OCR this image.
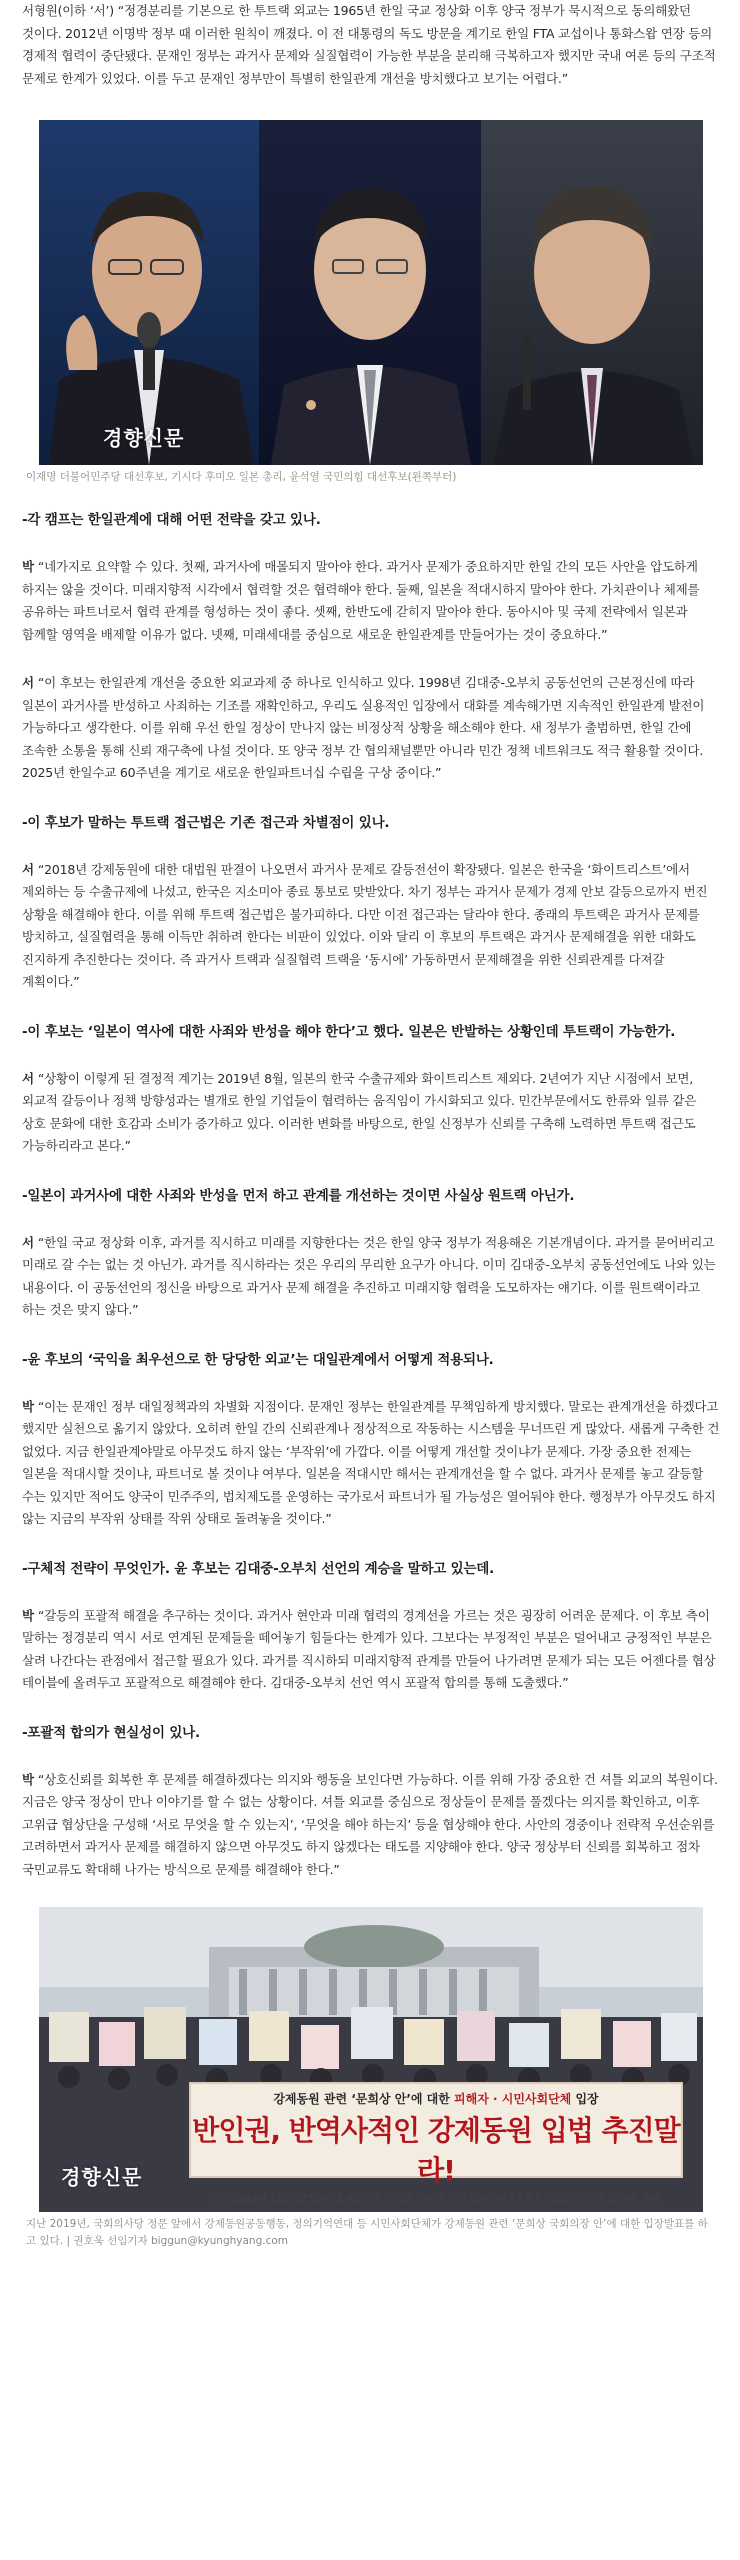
서형원(이하 ‘서’) “정경분리를 기본으로 한 투트랙 외교는 1965년 한일 국교 정상화 이후 양국 정부가 묵시적으로 동의해왔던 것이다. 2012년 이명박 정부 때 이러한 원칙이 깨졌다. 이 전 대통령의 독도 방문을 계기로 한일 FTA 교섭이나 통화스왑 연장 등의 경제적 협력이 중단됐다. 문재인 정부는 과거사 문제와 실질협력이 가능한 부분을 분리해 극복하고자 했지만 국내 여론 등의 구조적 문제로 한계가 있었다. 이를 두고 문재인 정부만이 특별히 한일관계 개선을 방치했다고 보기는 어렵다.”

경향신문
이재명 더불어민주당 대선후보, 기시다 후미오 일본 총리, 윤석열 국민의힘 대선후보(왼쪽부터)

-각 캠프는 한일관계에 대해 어떤 전략을 갖고 있나.

박 “네가지로 요약할 수 있다. 첫째, 과거사에 매몰되지 말아야 한다. 과거사 문제가 중요하지만 한일 간의 모든 사안을 압도하게 하지는 않을 것이다. 미래지향적 시각에서 협력할 것은 협력해야 한다. 둘째, 일본을 적대시하지 말아야 한다. 가치관이나 체제를 공유하는 파트너로서 협력 관계를 형성하는 것이 좋다. 셋째, 한반도에 갇히지 말아야 한다. 동아시아 및 국제 전략에서 일본과 함께할 영역을 배제할 이유가 없다. 넷째, 미래세대를 중심으로 새로운 한일관계를 만들어가는 것이 중요하다.”

서 “이 후보는 한일관계 개선을 중요한 외교과제 중 하나로 인식하고 있다. 1998년 김대중-오부치 공동선언의 근본정신에 따라 일본이 과거사를 반성하고 사죄하는 기조를 재확인하고, 우리도 실용적인 입장에서 대화를 계속해가면 지속적인 한일관계 발전이 가능하다고 생각한다. 이를 위해 우선 한일 정상이 만나지 않는 비정상적 상황을 해소해야 한다. 새 정부가 출범하면, 한일 간에 조속한 소통을 통해 신뢰 재구축에 나설 것이다. 또 양국 정부 간 협의채널뿐만 아니라 민간 정책 네트워크도 적극 활용할 것이다. 2025년 한일수교 60주년을 계기로 새로운 한일파트너십 수립을 구상 중이다.”

-이 후보가 말하는 투트랙 접근법은 기존 접근과 차별점이 있나.

서 “2018년 강제동원에 대한 대법원 판결이 나오면서 과거사 문제로 갈등전선이 확장됐다. 일본은 한국을 ‘화이트리스트’에서 제외하는 등 수출규제에 나섰고, 한국은 지소미아 종료 통보로 맞받았다. 차기 정부는 과거사 문제가 경제 안보 갈등으로까지 번진 상황을 해결해야 한다. 이를 위해 투트랙 접근법은 불가피하다. 다만 이전 접근과는 달라야 한다. 종래의 투트랙은 과거사 문제를 방치하고, 실질협력을 통해 이득만 취하려 한다는 비판이 있었다. 이와 달리 이 후보의 투트랙은 과거사 문제해결을 위한 대화도 진지하게 추진한다는 것이다. 즉 과거사 트랙과 실질협력 트랙을 ‘동시에’ 가동하면서 문제해결을 위한 신뢰관계를 다져갈 계획이다.”

-이 후보는 ‘일본이 역사에 대한 사죄와 반성을 해야 한다’고 했다. 일본은 반발하는 상황인데 투트랙이 가능한가.

서 “상황이 이렇게 된 결정적 계기는 2019년 8월, 일본의 한국 수출규제와 화이트리스트 제외다. 2년여가 지난 시점에서 보면, 외교적 갈등이나 정책 방향성과는 별개로 한일 기업들이 협력하는 움직임이 가시화되고 있다. 민간부문에서도 한류와 일류 같은 상호 문화에 대한 호감과 소비가 증가하고 있다. 이러한 변화를 바탕으로, 한일 신정부가 신뢰를 구축해 노력하면 투트랙 접근도 가능하리라고 본다.”

-일본이 과거사에 대한 사죄와 반성을 먼저 하고 관계를 개선하는 것이면 사실상 원트랙 아닌가.

서 “한일 국교 정상화 이후, 과거를 직시하고 미래를 지향한다는 것은 한일 양국 정부가 적용해온 기본개념이다. 과거를 묻어버리고 미래로 갈 수는 없는 것 아닌가. 과거를 직시하라는 것은 우리의 무리한 요구가 아니다. 이미 김대중-오부치 공동선언에도 나와 있는 내용이다. 이 공동선언의 정신을 바탕으로 과거사 문제 해결을 추진하고 미래지향 협력을 도모하자는 얘기다. 이를 원트랙이라고 하는 것은 맞지 않다.”

-윤 후보의 ‘국익을 최우선으로 한 당당한 외교’는 대일관계에서 어떻게 적용되나.

박 “이는 문재인 정부 대일정책과의 차별화 지점이다. 문재인 정부는 한일관계를 무책임하게 방치했다. 말로는 관계개선을 하겠다고 했지만 실천으로 옮기지 않았다. 오히려 한일 간의 신뢰관계나 정상적으로 작동하는 시스템을 무너뜨린 게 많았다. 새롭게 구축한 건 없었다. 지금 한일관계야말로 아무것도 하지 않는 ‘부작위’에 가깝다. 이를 어떻게 개선할 것이냐가 문제다. 가장 중요한 전제는 일본을 적대시할 것이냐, 파트너로 볼 것이냐 여부다. 일본을 적대시만 해서는 관계개선을 할 수 없다. 과거사 문제를 놓고 갈등할 수는 있지만 적어도 양국이 민주주의, 법치제도를 운영하는 국가로서 파트너가 될 가능성은 열어둬야 한다. 행정부가 아무것도 하지 않는 지금의 부작위 상태를 작위 상태로 돌려놓을 것이다.”

-구체적 전략이 무엇인가. 윤 후보는 김대중-오부치 선언의 계승을 말하고 있는데.

박 “갈등의 포괄적 해결을 추구하는 것이다. 과거사 현안과 미래 협력의 경계선을 가르는 것은 굉장히 어려운 문제다. 이 후보 측이 말하는 정경분리 역시 서로 연계된 문제들을 떼어놓기 힘들다는 한계가 있다. 그보다는 부정적인 부분은 덜어내고 긍정적인 부분은 살려 나간다는 관점에서 접근할 필요가 있다. 과거를 직시하되 미래지향적 관계를 만들어 나가려면 문제가 되는 모든 어젠다를 협상 테이블에 올려두고 포괄적으로 해결해야 한다. 김대중-오부치 선언 역시 포괄적 합의를 통해 도출했다.”

-포괄적 합의가 현실성이 있나.

박 “상호신뢰를 회복한 후 문제를 해결하겠다는 의지와 행동을 보인다면 가능하다. 이를 위해 가장 중요한 건 셔틀 외교의 복원이다. 지금은 양국 정상이 만나 이야기를 할 수 없는 상황이다. 셔틀 외교를 중심으로 정상들이 문제를 풀겠다는 의지를 확인하고, 이후 고위급 협상단을 구성해 ‘서로 무엇을 할 수 있는지’, ‘무엇을 해야 하는지’ 등을 협상해야 한다. 사안의 경중이나 전략적 우선순위를 고려하면서 과거사 문제를 해결하지 않으면 아무것도 하지 않겠다는 태도를 지양해야 한다. 양국 정상부터 신뢰를 회복하고 점차 국민교류도 확대해 나가는 방식으로 문제를 해결해야 한다.”

강제동원 관련 ‘문희상 안’에 대한 피해자 · 시민사회단체 입장
반인권, 반역사적인 강제동원 입법 추진말라!
일시 2019년 11월 27일(수) 오후2시 장소 국회 정문 앞 주최 강제동원공동행동, 정의기억연대 외 공동 주최
경향신문
지난 2019년, 국회의사당 정문 앞에서 강제동원공동행동, 정의기억연대 등 시민사회단체가 강제동원 관련 ‘문희상 국회의장 안’에 대한 입장발표를 하고 있다. | 권호욱 선임기자 biggun@kyunghyang.com
